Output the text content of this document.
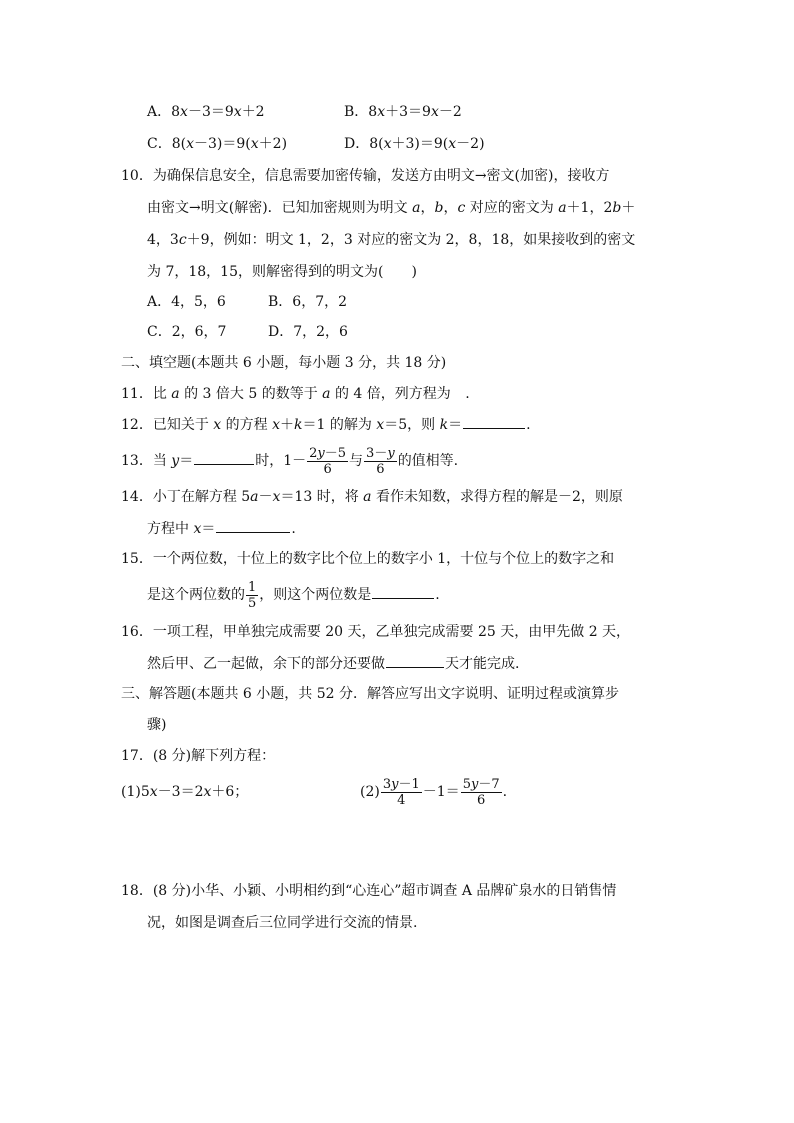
A．8x－3＝9x＋2	B．8x＋3＝9x－2
C．8(x－3)＝9(x＋2)	D．8(x＋3)＝9(x－2)
10．为确保信息安全，信息需要加密传输，发送方由明文→密文(加密)，接收方
由密文→明文(解密)．已知加密规则为明文 a，b，c 对应的密文为 a＋1，2b＋
4，3c＋9，例如：明文 1，2，3 对应的密文为 2，8，18，如果接收到的密文
为 7，18，15，则解密得到的明文为(　　)
A．4，5，6	B．6，7，2
C．2，6，7	D．7，2，6
二、填空题(本题共 6 小题，每小题 3 分，共 18 分)
11．比 a 的 3 倍大 5 的数等于 a 的 4 倍，列方程为 .
12．已知关于 x 的方程 x＋k＝1 的解为 x＝5，则 k＝	.
13．当 y＝	时，$1- \frac{2y-5}{6}$ 与 $\frac{3-y}{6}$ 的值相等.
14．小丁在解方程 5a－x＝13 时，将 a 看作未知数，求得方程的解是－2，则原
方程中 x＝	.
15．一个两位数，十位上的数字比个位上的数字小 1，十位与个位上的数字之和
是这个两位数的 $\frac{1}{5}$ ，则这个两位数是	.
16．一项工程，甲单独完成需要 20 天，乙单独完成需要 25 天，由甲先做 2 天，
然后甲、乙一起做，余下的部分还要做	天才能完成.
三、解答题(本题共 6 小题，共 52 分．解答应写出文字说明、证明过程或演算步
骤)
17．(8 分)解下列方程：
(1)5x－3＝2x＋6；	$(2) \frac{3y-1}{4} -1= \frac{5y-7}{6}$ .
18．(8 分)小华、小颖、小明相约到“心连心”超市调查 A 品牌矿泉水的日销售情
况，如图是调查后三位同学进行交流的情景.
